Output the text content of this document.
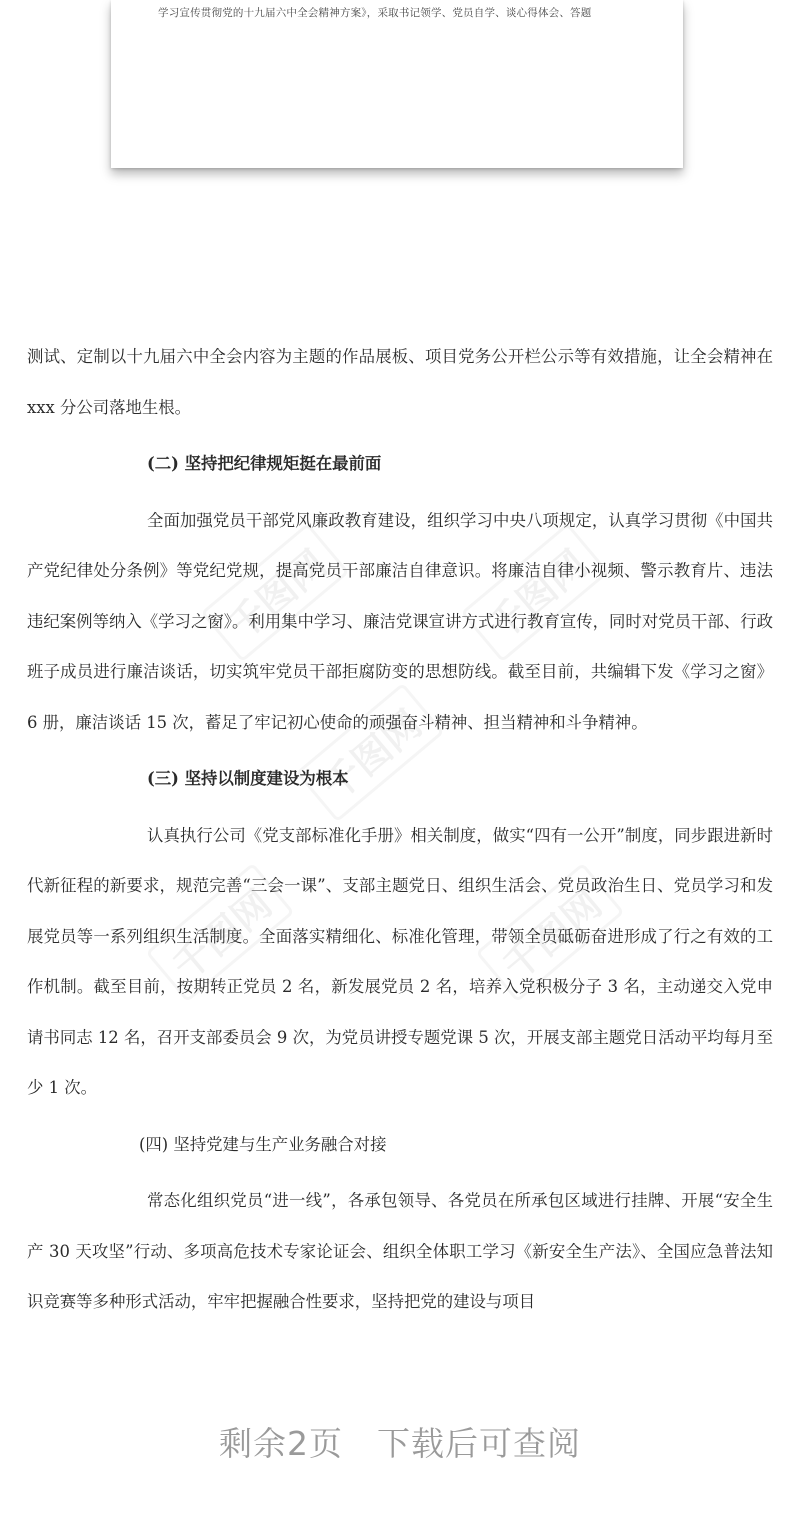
学习宣传贯彻党的十九届六中全会精神方案》，采取书记领学、党员自学、谈心得体会、答题
千图网	千图网
千图网
千图网	千图网

测试、定制以十九届六中全会内容为主题的作品展板、项目党务公开栏公示等有效措施，让全会精神在 xxx 分公司落地生根。

(二) 坚持把纪律规矩挺在最前面

全面加强党员干部党风廉政教育建设，组织学习中央八项规定，认真学习贯彻《中国共产党纪律处分条例》等党纪党规，提高党员干部廉洁自律意识。将廉洁自律小视频、警示教育片、违法违纪案例等纳入《学习之窗》。利用集中学习、廉洁党课宣讲方式进行教育宣传，同时对党员干部、行政班子成员进行廉洁谈话，切实筑牢党员干部拒腐防变的思想防线。截至目前，共编辑下发《学习之窗》6 册，廉洁谈话 15 次，蓄足了牢记初心使命的顽强奋斗精神、担当精神和斗争精神。

(三) 坚持以制度建设为根本

认真执行公司《党支部标准化手册》相关制度，做实“四有一公开”制度，同步跟进新时代新征程的新要求，规范完善“三会一课”、支部主题党日、组织生活会、党员政治生日、党员学习和发展党员等一系列组织生活制度。全面落实精细化、标准化管理，带领全员砥砺奋进形成了行之有效的工作机制。截至目前，按期转正党员 2 名，新发展党员 2 名，培养入党积极分子 3 名，主动递交入党申请书同志 12 名，召开支部委员会 9 次，为党员讲授专题党课 5 次，开展支部主题党日活动平均每月至少 1 次。

(四) 坚持党建与生产业务融合对接

常态化组织党员“进一线”，各承包领导、各党员在所承包区域进行挂牌、开展“安全生产 30 天攻坚”行动、多项高危技术专家论证会、组织全体职工学习《新安全生产法》、全国应急普法知识竞赛等多种形式活动，牢牢把握融合性要求，坚持把党的建设与项目

剩余2页　下载后可查阅
